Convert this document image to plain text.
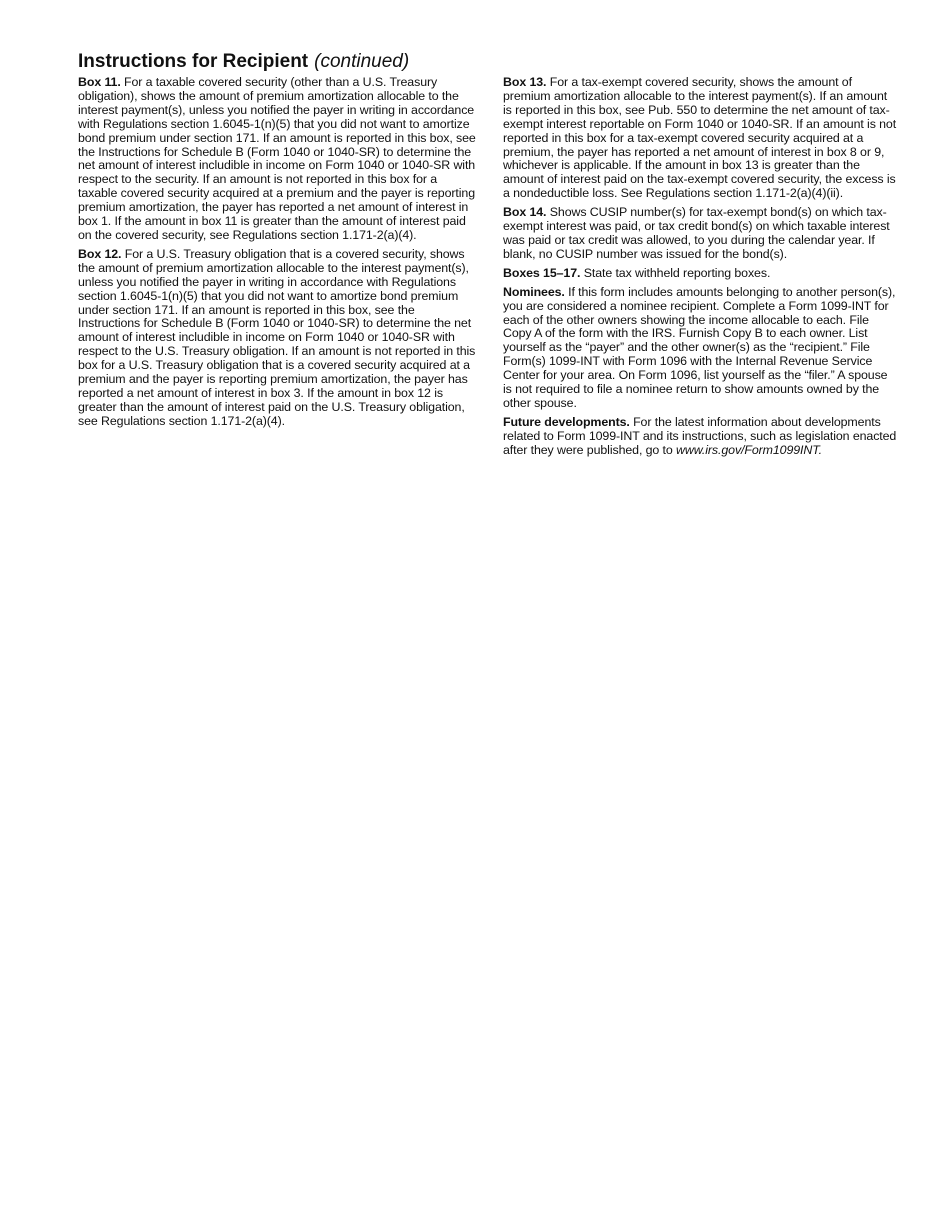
Instructions for Recipient (continued)

Box 11. For a taxable covered security (other than a U.S. Treasury obligation), shows the amount of premium amortization allocable to the interest payment(s), unless you notified the payer in writing in accordance with Regulations section 1.6045-1(n)(5) that you did not want to amortize bond premium under section 171. If an amount is reported in this box, see the Instructions for Schedule B (Form 1040 or 1040-SR) to determine the net amount of interest includible in income on Form 1040 or 1040-SR with respect to the security. If an amount is not reported in this box for a taxable covered security acquired at a premium and the payer is reporting premium amortization, the payer has reported a net amount of interest in box 1. If the amount in box 11 is greater than the amount of interest paid on the covered security, see Regulations section 1.171-2(a)(4).

Box 12. For a U.S. Treasury obligation that is a covered security, shows the amount of premium amortization allocable to the interest payment(s), unless you notified the payer in writing in accordance with Regulations section 1.6045-1(n)(5) that you did not want to amortize bond premium under section 171. If an amount is reported in this box, see the Instructions for Schedule B (Form 1040 or 1040-SR) to determine the net amount of interest includible in income on Form 1040 or 1040-SR with respect to the U.S. Treasury obligation. If an amount is not reported in this box for a U.S. Treasury obligation that is a covered security acquired at a premium and the payer is reporting premium amortization, the payer has reported a net amount of interest in box 3. If the amount in box 12 is greater than the amount of interest paid on the U.S. Treasury obligation, see Regulations section 1.171-2(a)(4).

Box 13. For a tax-exempt covered security, shows the amount of premium amortization allocable to the interest payment(s). If an amount is reported in this box, see Pub. 550 to determine the net amount of tax-exempt interest reportable on Form 1040 or 1040-SR. If an amount is not reported in this box for a tax-exempt covered security acquired at a premium, the payer has reported a net amount of interest in box 8 or 9, whichever is applicable. If the amount in box 13 is greater than the amount of interest paid on the tax-exempt covered security, the excess is a nondeductible loss. See Regulations section 1.171-2(a)(4)(ii).

Box 14. Shows CUSIP number(s) for tax-exempt bond(s) on which tax-exempt interest was paid, or tax credit bond(s) on which taxable interest was paid or tax credit was allowed, to you during the calendar year. If blank, no CUSIP number was issued for the bond(s).

Boxes 15–17. State tax withheld reporting boxes.

Nominees. If this form includes amounts belonging to another person(s), you are considered a nominee recipient. Complete a Form 1099-INT for each of the other owners showing the income allocable to each. File Copy A of the form with the IRS. Furnish Copy B to each owner. List yourself as the “payer” and the other owner(s) as the “recipient.” File Form(s) 1099-INT with Form 1096 with the Internal Revenue Service Center for your area. On Form 1096, list yourself as the “filer.” A spouse is not required to file a nominee return to show amounts owned by the other spouse.

Future developments. For the latest information about developments related to Form 1099-INT and its instructions, such as legislation enacted after they were published, go to www.irs.gov/Form1099INT.
